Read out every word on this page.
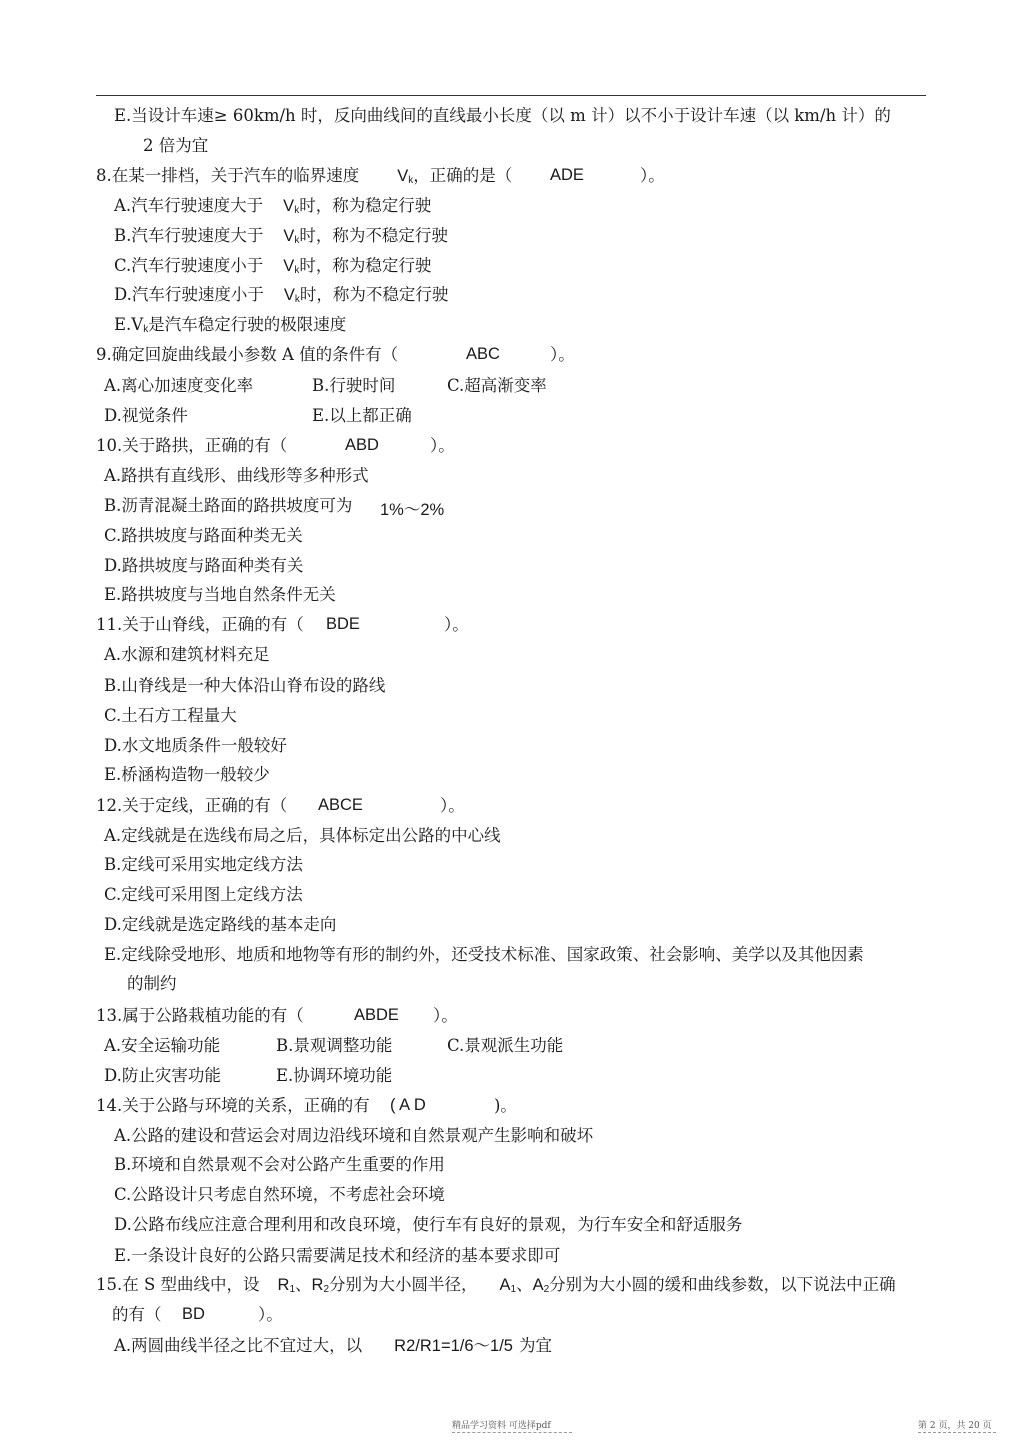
E.当设计车速≥ 60km/h 时，反向曲线间的直线最小长度（以 m 计）以不小于设计车速（以 km/h 计）的
2 倍为宜
8.在某一排档，关于汽车的临界速度 $V_k$，正确的是（ ADE	）。
A.汽车行驶速度大于 $V_k$时，称为稳定行驶
B.汽车行驶速度大于 $V_k$时，称为不稳定行驶
C.汽车行驶速度小于 $V_k$时，称为稳定行驶
D.汽车行驶速度小于 $V_k$时，称为不稳定行驶
$E.V_k$是汽车稳定行驶的极限速度
9.确定回旋曲线最小参数 A 值的条件有（	ABC	）。
A.离心加速度变化率	B.行驶时间	C.超高渐变率
D.视觉条件	E.以上都正确
10.关于路拱，正确的有（	ABD	）。
A.路拱有直线形、曲线形等多种形式
B.沥青混凝土路面的路拱坡度可为 1%～2%
C.路拱坡度与路面种类无关
D.路拱坡度与路面种类有关
E.路拱坡度与当地自然条件无关
11.关于山脊线，正确的有（ BDE	）。
A.水源和建筑材料充足
B.山脊线是一种大体沿山脊布设的路线
C.土石方工程量大
D.水文地质条件一般较好
E.桥涵构造物一般较少
12.关于定线，正确的有（ ABCE	）。
A.定线就是在选线布局之后，具体标定出公路的中心线
B.定线可采用实地定线方法
C.定线可采用图上定线方法
D.定线就是选定路线的基本走向
E.定线除受地形、地质和地物等有形的制约外，还受技术标准、国家政策、社会影响、美学以及其他因素
的制约
13.属于公路栽植功能的有（	ABDE ）。
A.安全运输功能	B.景观调整功能	C.景观派生功能
D.防止灾害功能	E.协调环境功能
14.关于公路与环境的关系，正确的有 ( A D	)。
A.公路的建设和营运会对周边沿线环境和自然景观产生影响和破坏
B.环境和自然景观不会对公路产生重要的作用
C.公路设计只考虑自然环境，不考虑社会环境
D.公路布线应注意合理利用和改良环境，使行车有良好的景观，为行车安全和舒适服务
E.一条设计良好的公路只需要满足技术和经济的基本要求即可
15.在 S 型曲线中，设 $R_1$、$R_2$分别为大小圆半径， $A_1$、$A_2$分别为大小圆的缓和曲线参数，以下说法中正确
的有（ BD	）。
A.两圆曲线半径之比不宜过大，以 R2/R1=1/6～1/5 为宜
精品学习资料 可选择pdf	第 2 页，共 20 页
